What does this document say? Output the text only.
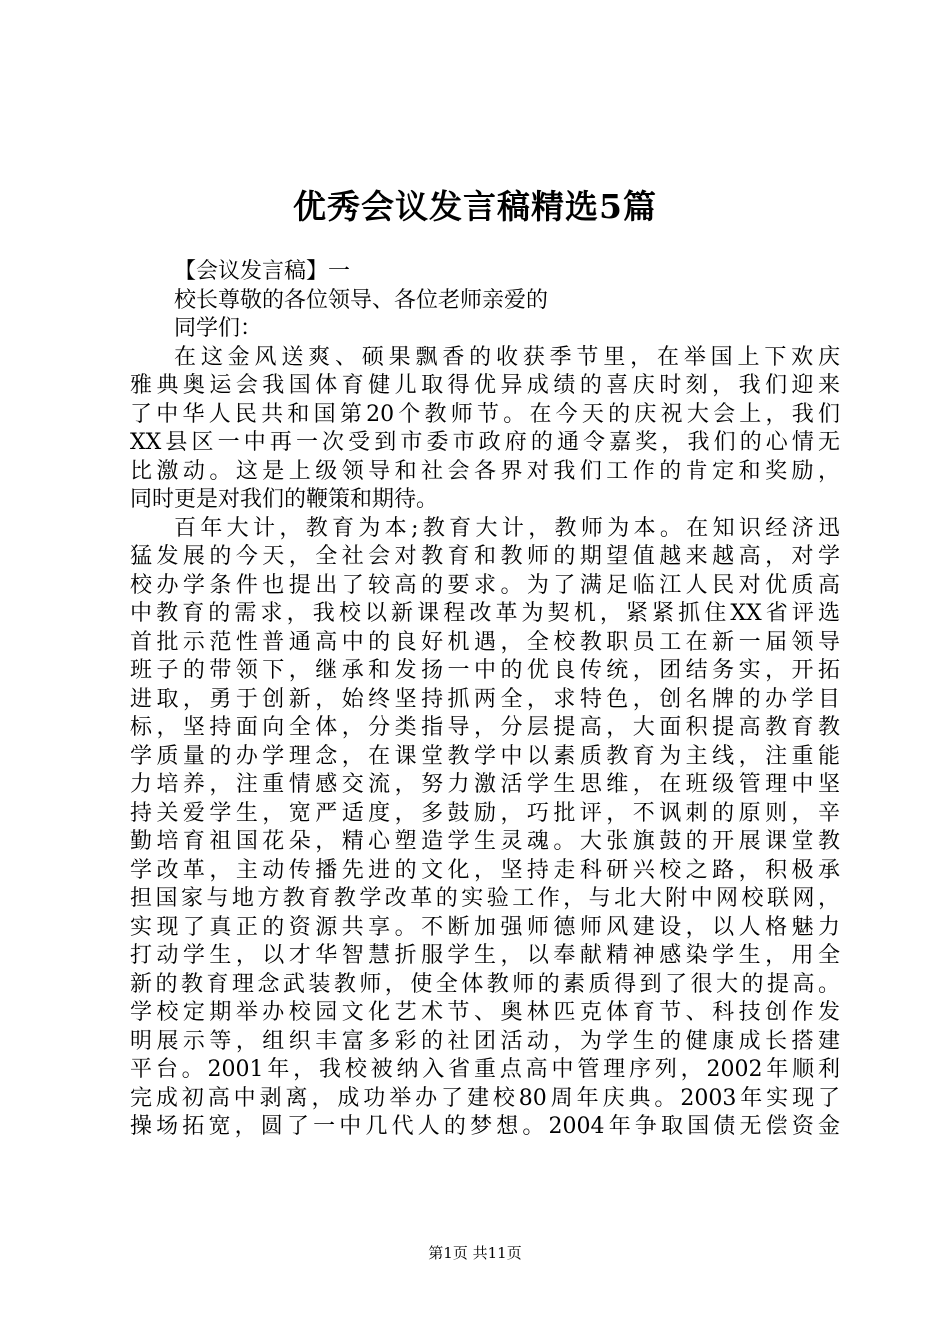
优秀会议发言稿精选5篇
【会议发言稿】一
校长尊敬的各位领导、各位老师亲爱的
同学们：
在这金风送爽、硕果飘香的收获季节里，在举国上下欢庆
雅典奥运会我国体育健儿取得优异成绩的喜庆时刻，我们迎来
了中华人民共和国第20个教师节。在今天的庆祝大会上，我们
XX县区一中再一次受到市委市政府的通令嘉奖，我们的心情无
比激动。这是上级领导和社会各界对我们工作的肯定和奖励，
同时更是对我们的鞭策和期待。
百年大计，教育为本;教育大计，教师为本。在知识经济迅
猛发展的今天，全社会对教育和教师的期望值越来越高，对学
校办学条件也提出了较高的要求。为了满足临江人民对优质高
中教育的需求，我校以新课程改革为契机，紧紧抓住XX省评选
首批示范性普通高中的良好机遇，全校教职员工在新一届领导
班子的带领下，继承和发扬一中的优良传统，团结务实，开拓
进取，勇于创新，始终坚持抓两全，求特色，创名牌的办学目
标，坚持面向全体，分类指导，分层提高，大面积提高教育教
学质量的办学理念，在课堂教学中以素质教育为主线，注重能
力培养，注重情感交流，努力激活学生思维，在班级管理中坚
持关爱学生，宽严适度，多鼓励，巧批评，不讽刺的原则，辛
勤培育祖国花朵，精心塑造学生灵魂。大张旗鼓的开展课堂教
学改革，主动传播先进的文化，坚持走科研兴校之路，积极承
担国家与地方教育教学改革的实验工作，与北大附中网校联网，
实现了真正的资源共享。不断加强师德师风建设，以人格魅力
打动学生，以才华智慧折服学生，以奉献精神感染学生，用全
新的教育理念武装教师，使全体教师的素质得到了很大的提高。
学校定期举办校园文化艺术节、奥林匹克体育节、科技创作发
明展示等，组织丰富多彩的社团活动，为学生的健康成长搭建
平台。2001年，我校被纳入省重点高中管理序列，2002年顺利
完成初高中剥离，成功举办了建校80周年庆典。2003年实现了
操场拓宽，圆了一中几代人的梦想。2004年争取国债无偿资金
第1页 共11页
